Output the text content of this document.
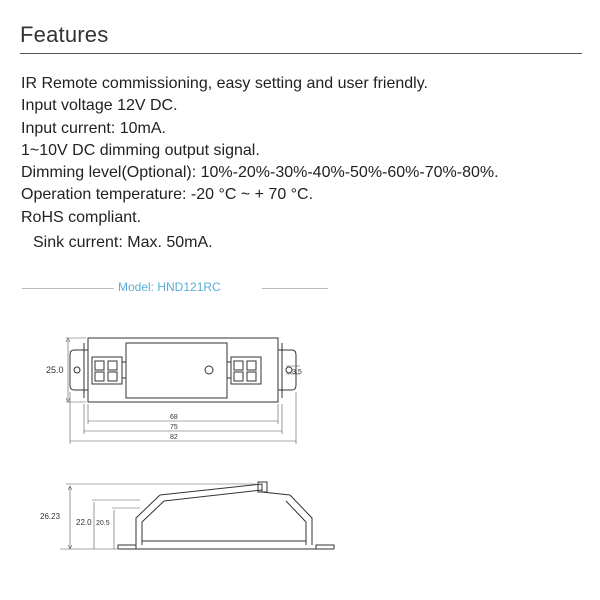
Features
IR Remote commissioning, easy setting and user friendly.
Input voltage 12V DC.
Input current: 10mA.
1~10V DC dimming output signal.
Dimming level(Optional): 10%-20%-30%-40%-50%-60%-70%-80%.
Operation temperature: -20 °C ~ + 70 °C.
RoHS compliant.
Sink current: Max. 50mA.
Model: HND121RC
25.0	3.5
68
75
82
26.23
22.0 20.5
